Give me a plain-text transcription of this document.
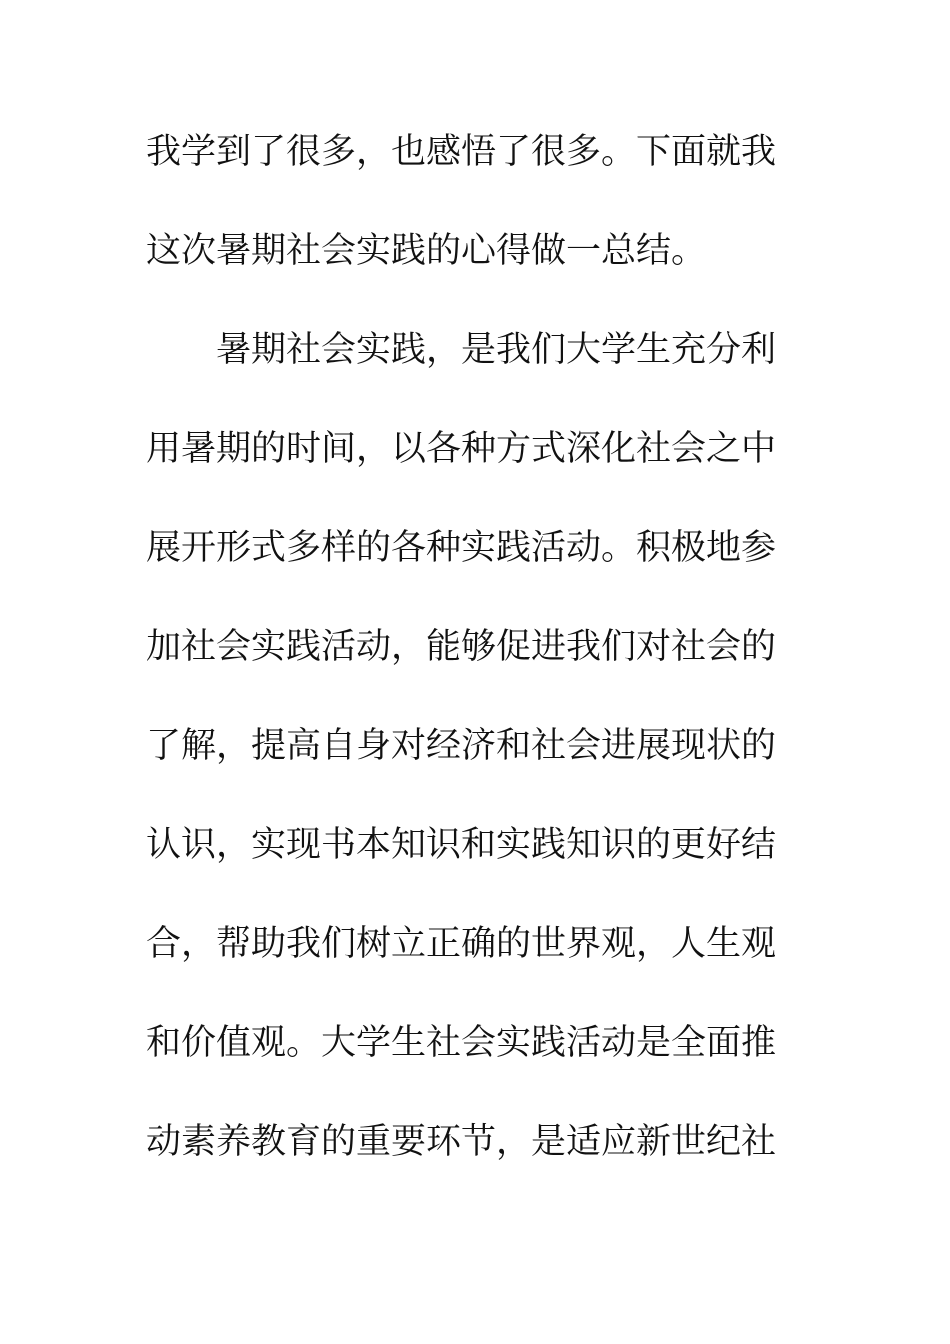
我学到了很多，也感悟了很多。下面就我
这次暑期社会实践的心得做一总结。
　　暑期社会实践，是我们大学生充分利
用暑期的时间，以各种方式深化社会之中
展开形式多样的各种实践活动。积极地参
加社会实践活动，能够促进我们对社会的
了解，提高自身对经济和社会进展现状的
认识，实现书本知识和实践知识的更好结
合，帮助我们树立正确的世界观，人生观
和价值观。大学生社会实践活动是全面推
动素养教育的重要环节，是适应新世纪社
